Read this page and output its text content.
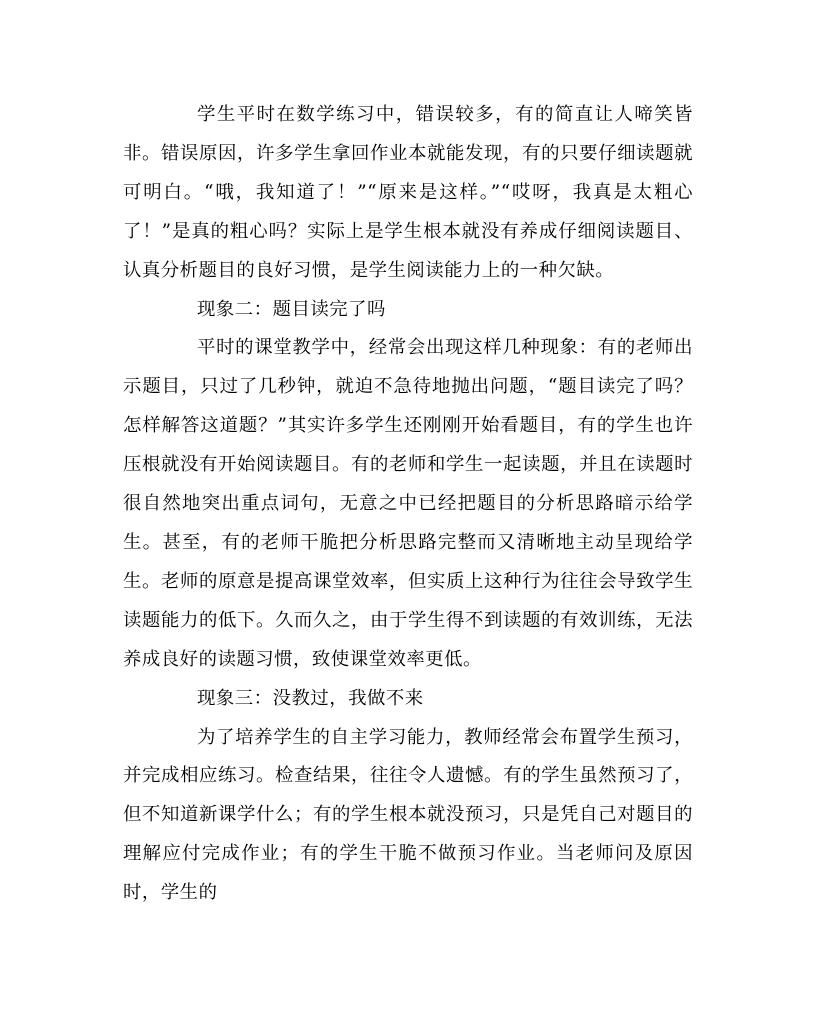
学生平时在数学练习中，错误较多，有的简直让人啼笑皆非。错误原因，许多学生拿回作业本就能发现，有的只要仔细读题就可明白。“哦，我知道了！”“原来是这样。”“哎呀，我真是太粗心了！”是真的粗心吗？实际上是学生根本就没有养成仔细阅读题目、认真分析题目的良好习惯，是学生阅读能力上的一种欠缺。

现象二：题目读完了吗

平时的课堂教学中，经常会出现这样几种现象：有的老师出示题目，只过了几秒钟，就迫不急待地抛出问题，“题目读完了吗？怎样解答这道题？”其实许多学生还刚刚开始看题目，有的学生也许压根就没有开始阅读题目。有的老师和学生一起读题，并且在读题时很自然地突出重点词句，无意之中已经把题目的分析思路暗示给学生。甚至，有的老师干脆把分析思路完整而又清晰地主动呈现给学生。老师的原意是提高课堂效率，但实质上这种行为往往会导致学生读题能力的低下。久而久之，由于学生得不到读题的有效训练，无法养成良好的读题习惯，致使课堂效率更低。

现象三：没教过，我做不来

为了培养学生的自主学习能力，教师经常会布置学生预习，并完成相应练习。检查结果，往往令人遗憾。有的学生虽然预习了，但不知道新课学什么；有的学生根本就没预习，只是凭自己对题目的理解应付完成作业；有的学生干脆不做预习作业。当老师问及原因时，学生的
